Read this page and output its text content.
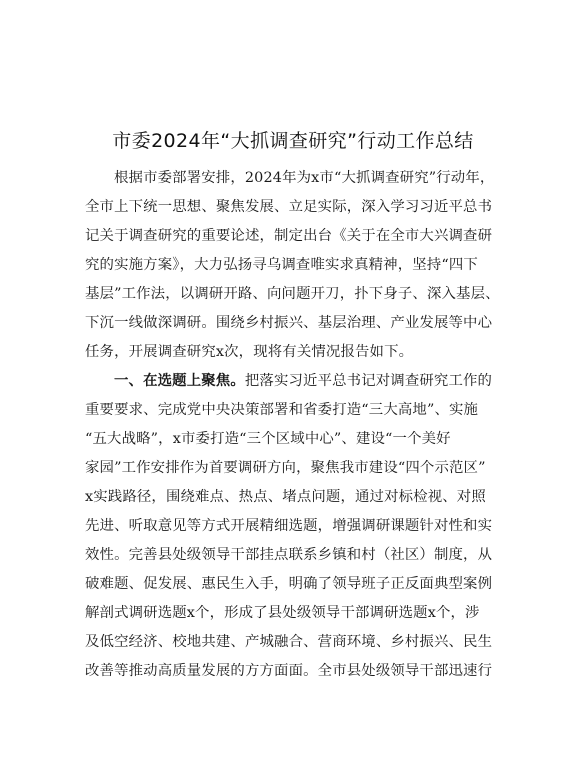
市委2024年“大抓调查研究”行动工作总结
根据市委部署安排，2024年为x市“大抓调查研究”行动年，
全市上下统一思想、聚焦发展、立足实际，深入学习习近平总书
记关于调查研究的重要论述，制定出台《关于在全市大兴调查研
究的实施方案》，大力弘扬寻乌调查唯实求真精神，坚持“四下
基层”工作法，以调研开路、向问题开刀，扑下身子、深入基层、
下沉一线做深调研。围绕乡村振兴、基层治理、产业发展等中心
任务，开展调查研究x次，现将有关情况报告如下。
一、在选题上聚焦。把落实习近平总书记对调查研究工作的
重要要求、完成党中央决策部署和省委打造“三大高地”、实施
“五大战略”，x市委打造“三个区域中心”、建设“一个美好
家园”工作安排作为首要调研方向，聚焦我市建设“四个示范区”
x实践路径，围绕难点、热点、堵点问题，通过对标检视、对照
先进、听取意见等方式开展精细选题，增强调研课题针对性和实
效性。完善县处级领导干部挂点联系乡镇和村（社区）制度，从
破难题、促发展、惠民生入手，明确了领导班子正反面典型案例
解剖式调研选题x个，形成了县处级领导干部调研选题x个，涉
及低空经济、校地共建、产城融合、营商环境、乡村振兴、民生
改善等推动高质量发展的方方面面。全市县处级领导干部迅速行
